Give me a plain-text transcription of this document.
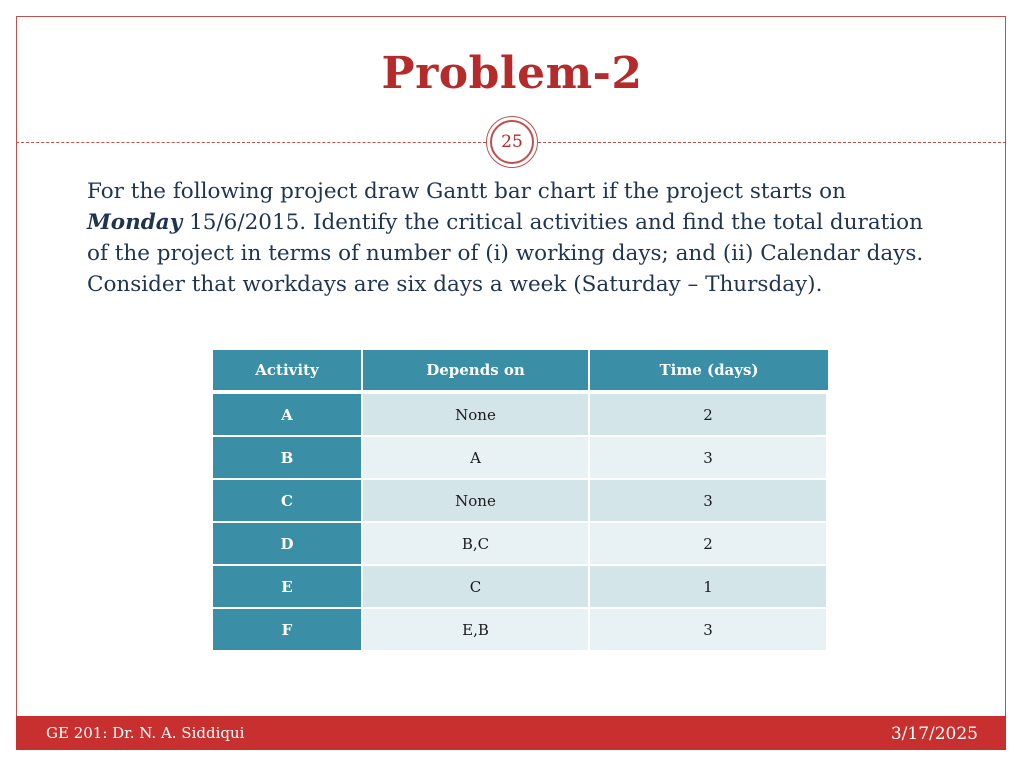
Problem-2
25
For the following project draw Gantt bar chart if the project starts on
Monday 15/6/2015. Identify the critical activities and find the total duration
of the project in terms of number of (i) working days; and (ii) Calendar days.
Consider that workdays are six days a week (Saturday – Thursday).
Activity	Depends on	Time (days)
A	None	2
B	A	3
C	None	3
D	B,C	2
E	C	1
F	E,B	3
GE 201: Dr. N. A. Siddiqui	3/17/2025
